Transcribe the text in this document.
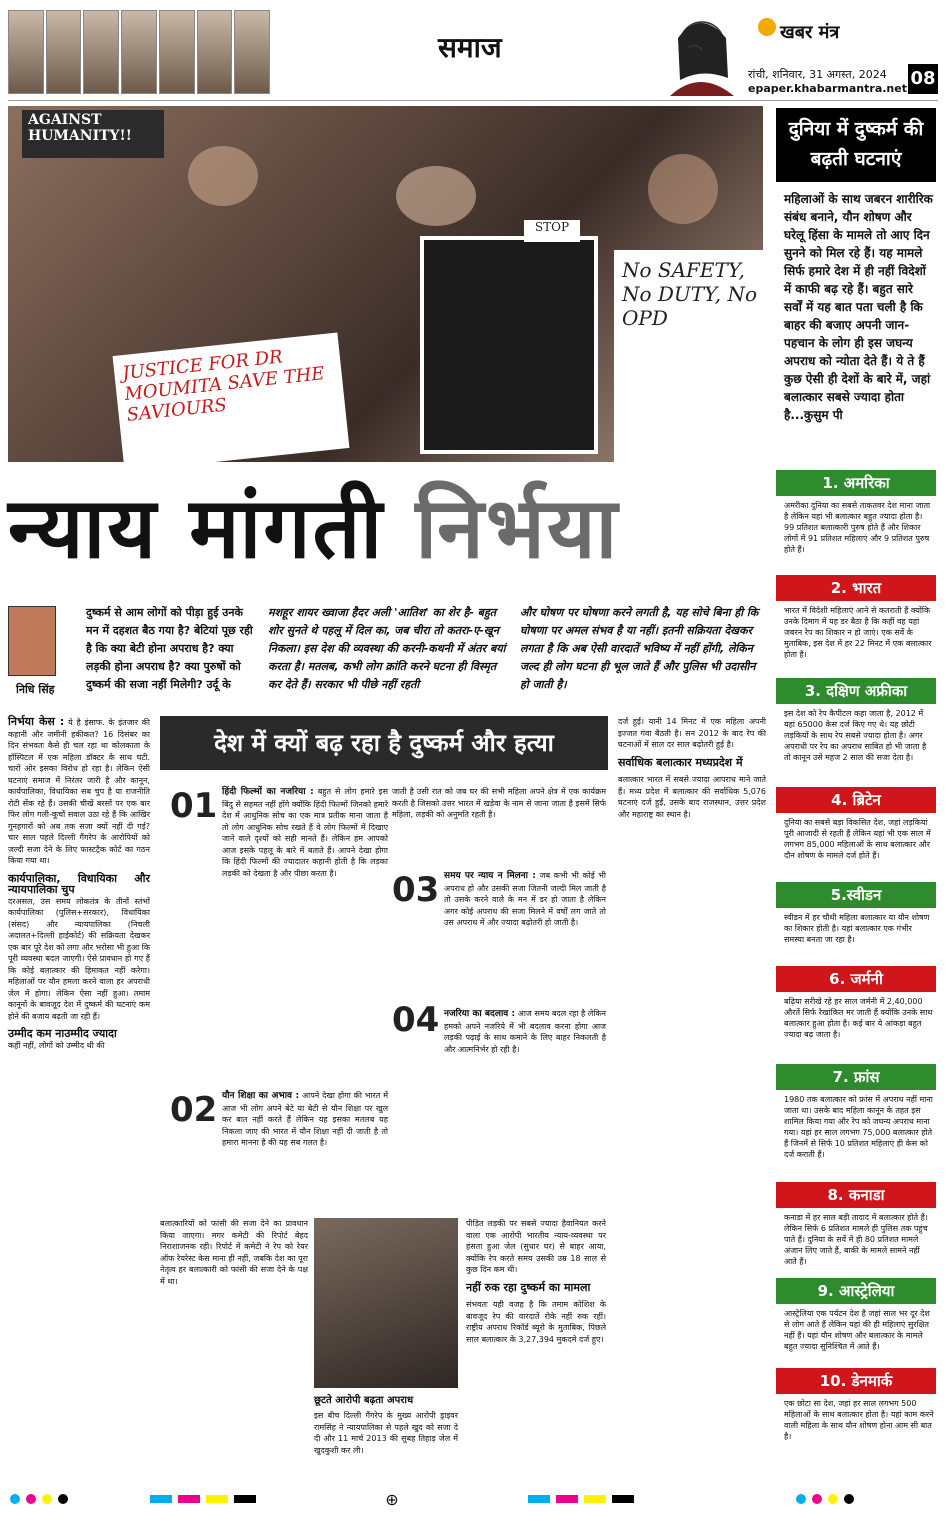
समाज	खबर मंत्र
रांची, शनिवार, 31 अगस्त, 2024
epaper.khabarmantra.net 08
AGAINST HUMANITY!!
JUSTICE FOR DR MOUMITA SAVE THE SAVIOURS
STOP
No SAFETY, No DUTY, No OPD
न्याय मांगती निर्भया
निधि सिंह
दुष्कर्म से आम लोगों को पीड़ा हुई उनके मन में दहशत बैठ गया है? बेटियां पूछ रही है कि क्या बेटी होना अपराध है? क्या लड़की होना अपराध है? क्या पुरुषों को दुष्कर्म की सजा नहीं मिलेगी? उर्दू के
मशहूर शायर ख्वाजा हैदर अली 'आतिश' का शेर है- बहुत शोर सुनते थे पहलू में दिल का, जब चीरा तो कतरा-ए-खून निकला। इस देश की व्यवस्था की करनी-कथनी में अंतर बयां करता है। मतलब, कभी लोग क्रांति करने घटना ही विस्मृत कर देते हैं। सरकार भी पीछे नहीं रहती
और घोषण पर घोषणा करने लगती है, यह सोचे बिना ही कि घोषणा पर अमल संभव है या नहीं। इतनी सक्रियता देखकर लगता है कि अब ऐसी वारदातें भविष्य में नहीं होंगी, लेकिन जल्द ही लोग घटना ही भूल जाते हैं और पुलिस भी उदासीन हो जाती है।
निर्भया केस : ये है इंसाफ. के इंतजार की कहानी और जमीनी हकीकत? 16 दिसंबर का दिन संभवतः कैसे ही चल रहा था कोलकाता के हॉस्पिटल में एक महिला डॉक्टर के साथ घटी. चारों ओर इसका विरोध हो रहा है। लेकिन ऐसी घटनाएं समाज में निरंतर जारी है और कानून, कार्यपालिका, विधायिका सब चुप है या राजनीति रोटी सेंक रहे हैं। उसकी चीखें बरसों पर एक बार फिर लोग गली-कूचों सवाल उठा रहे हैं कि आखिर गुनहगारों को अब तक सजा क्यों नहीं दी गई? चार साल पहले दिल्ली गैंगरेप के आरोपियों को जल्दी सजा देने के लिए फास्टट्रैक कोर्ट का गठन किया गया था।
कार्यपालिका, विधायिका और न्यायपालिका चुप
दरअसल, उस समय लोकतंत्र के तीनों स्तंभों कार्यपालिका (पुलिस+सरकार), विधायिका (संसद) और न्यायपालिका (निचली अदालत+दिल्ली हाईकोर्ट) की सक्रियता देखकर एक बार पूरे देश को लगा और भरोसा भी हुआ कि पूरी व्यवस्था बदल जाएगी। ऐसे प्रावधान हो गए हैं कि कोई बलात्कार की हिमाकत नहीं करेगा। महिलाओं पर यौन हमला करने वाला हर अपराधी जेल में होगा। लेकिन ऐसा नहीं हुआ। तमाम कानूनों के बावजूद देश में दुष्कर्म की घटनाएं कम होने की बजाय बढ़ती जा रही हैं।
उम्मीद कम नाउम्मीद ज्यादा
कहीं नहीं, लोगों को उम्मीद थी की
देश में क्यों बढ़ रहा है दुष्कर्म और हत्या
01 हिंदी फिल्मों का नजरिया : बहुत से लोग हमारे इस बिंदु से सहमत नहीं होंगे क्योंकि हिंदी फिल्मों जिनको हमारे देश में आधुनिक सोच का एक मात्र प्रतीक माना जाता है तो लोग आधुनिक सोच रखते हैं वे लोग फिल्मों में दिखाए जाने वाले दृश्यों को सही मानते हैं। लेकिन हम आपको आज इसके पहलू के बारे में बताते हैं। आपने देखा होगा कि हिंदी फिल्मों की ज्यादातर कहानी होती है कि लड़का लड़की को देखता है और पीछा करता है।
02 यौन शिक्षा का अभाव : आपने देखा होगा की भारत में आज भी लोग अपने बेटे या बेटी से यौन शिक्षा पर खुल कर बात नहीं करते हैं लेकिन यह इसका मतलब यह निकला जाए की भारत में यौन शिक्षा नहीं दी जाती है तो हमारा मानना है की यह सब गलत है।
जाती है उसी रात को जब घर की सभी महिला अपने क्षेत्र में एक कार्यक्रम करती है जिसको उत्तर भारत में खड़ेवा के नाम से जाना जाता है इसमें सिर्फ महिला, लड़की को अनुमति रहती है।
03 समय पर न्याय न मिलना : जब कभी भी कोई भी अपराध हो और उसकी सजा जितनी जल्दी मिल जाती है तो उसके करने वाले के मन में डर हो जाता है लेकिन अगर कोई अपराध की सजा मिलने में वर्षों लग जाते तो उस अपराध में और ज्यादा बढ़ोतरी हो जाती है।
04 नजरिया का बदलाव : आज समय बदल रहा है लेकिन हमको अपने नजरिये में भी बदलाव करना होगा आज लड़की पढ़ाई के साथ कमाने के लिए बाहर निकलती है और आत्मनिर्भर हो रही है।
दर्ज हुई। यानी 14 मिनट में एक महिला अपनी इज्जत गंवा बैठती है। सन 2012 के बाद रेप की घटनाओं में साल दर साल बढ़ोतरी हुई है।
सर्वाधिक बलात्कार मध्यप्रदेश में
बलात्कार भारत में सबसे ज्यादा आपराध माने जाते हैं। मध्य प्रदेश में बलात्कार की सर्वाधिक 5,076 घटनाएं दर्ज हुईं, उसके बाद राजस्थान, उत्तर प्रदेश और महाराष्ट्र का स्थान है।
बलात्कारियों को फांसी की सजा देने का प्रावधान किया जाएगा। मगर कमेटी की रिपोर्ट बेहद निराशाजनक रही। रिपोर्ट में कमेटी ने रेप को रेयर ऑफ रेयरेस्ट केस माना ही नहीं, जबकि देश का पूरा नेतृत्व हर बलात्कारी को फांसी की सजा देने के पक्ष में था।
छूटते आरोपी बढ़ता अपराध
इस बीच दिल्ली गैंगरेप के मुख्य आरोपी ड्राइवर रामसिंह ने न्यायपालिका से पहले खुद को सजा दे दी और 11 मार्च 2013 की सुबह तिहाड़ जेल में खुदकुशी कर ली।
पीड़ित लड़की पर सबसे ज्यादा हैवानियत करने वाला एक आरोपी भारतीय न्याय-व्यवस्था पर हंसता हुआ जेल (सुधार घर) से बाहर आया, क्योंकि रेप करते समय उसकी उम्र 18 साल से कुछ दिन कम थी।
नहीं रुक रहा दुष्कर्म का मामला
संभवतः यही वजह है कि तमाम कोशिश के बावजूद रेप की वारदातें रोके नहीं रुक रहीं। राष्ट्रीय अपराध रिकॉर्ड ब्यूरो के मुताबिक, पिछले साल बलात्कार के 3,27,394 मुकदमे दर्ज हुए।
दुनिया में दुष्कर्म की बढ़ती घटनाएं
महिलाओं के साथ जबरन शारीरिक संबंध बनाने, यौन शोषण और घरेलू हिंसा के मामले तो आए दिन सुनने को मिल रहे हैं। यह मामले सिर्फ हमारे देश में ही नहीं विदेशों में काफी बढ़ रहे हैं। बहुत सारे सर्वों में यह बात पता चली है कि बाहर की बजाए अपनी जान-पहचान के लोग ही इस जघन्य अपराध को न्योता देते हैं। ये ते हैं कुछ ऐसी ही देशों के बारे में, जहां बलात्कार सबसे ज्यादा होता है...कुसुम पी
1. अमरिका
अमरीका दुनिया का सबसे ताकतवर देश माना जाता है लेकिन यहां भी बलात्कार बहुत ज्यादा होता है। 99 प्रतिशत बलात्कारी पुरुष होते हैं और शिकार लोगों में 91 प्रतिशत महिलाएं और 9 प्रतिशत पुरुष होते हैं।
2. भारत
भारत में विदेशी महिलाएं आने से कतराती हैं क्योंकि उनके दिमाग में यह डर बैठा है कि कहीं वह यहां जबरन रेप का शिकार न हो जाएं। एक सर्वे के मुताबिक, इस देश में हर 22 मिनट में एक बलात्कार होता है।
3. दक्षिण अफ्रीका
इस देश को रेप कैपीटल कहा जाता है, 2012 में यहां 65000 केस दर्ज किए गए थे। यह छोटी लड़कियों के साथ रेप सबसे ज्यादा होता है। अगर अपराधी पर रेप का अपराध साबित हो भी जाता है तो कानून उसे महज 2 साल की सजा देता है।
4. ब्रिटेन
दुनिया का सबसे बड़ा विकसित देश, जहां लड़कियां पूरी आजादी से रहती हैं लेकिन यहां भी एक साल में लगभग 85,000 महिलाओं के साथ बलात्कार और दौन शोषण के मामले दर्ज होते हैं।
5.स्वीडन
स्वीडन में हर चौथी महिला बलात्कार या यौन शोषण का शिकार होती है। यहां बलात्कार एक गंभीर समस्या बनता जा रहा है।
6. जर्मनी
बढ़िया सरीखे रहे हर साल जर्मनी में 2,40,000 औरतें सिर्फ रेखांकित मर जाती हैं क्योंकि उनके साथ बलात्कार हुआ होता है। कई बार ये आंकड़ा बहुत ज्यादा बढ़ जाता है।
7. फ्रांस
1980 तक बलात्कार को फ्रांस में अपराध नहीं माना जाता था। उसके बाद महिला कानून के तहत इस शामिल किया गया और रेप को जघन्य अपराध माना गया। यहां हर साल लगभग 75,000 बलात्कार होते हैं जिनमें से सिर्फ 10 प्रतिशत महिलाएं ही केस को दर्ज कराती हैं।
8. कनाडा
कनाडा में हर साल बड़ी तादाद में बलात्कार होते हैं। लेकिन सिर्फ 6 प्रतिशत मामले ही पुलिस तक पहुंच पाते हैं। दुनिया के सर्वे में ही 80 प्रतिशत मामले अंजान लिए जाते हैं, बाकी के मामले सामने नहीं आते हैं।
9. आस्ट्रेलिया
आस्ट्रेलिया एक पर्यटन देश है जहां साल भर दूर देश से लोग आते हैं लेकिन यहां की ही महिलाएं सुरक्षित नहीं हैं। यहां यौन शोषण और बलात्कार के मामले बहुत ज्यादा सुनिश्चित में आते हैं।
10. डेनमार्क
एक छोटा सा देश, जहां हर साल लगभग 500 महिलाओं के साथ बलात्कार होता है। यहां काम करने वाली महिला के साथ यौन शोषण होना आम सी बात है।
⊕
